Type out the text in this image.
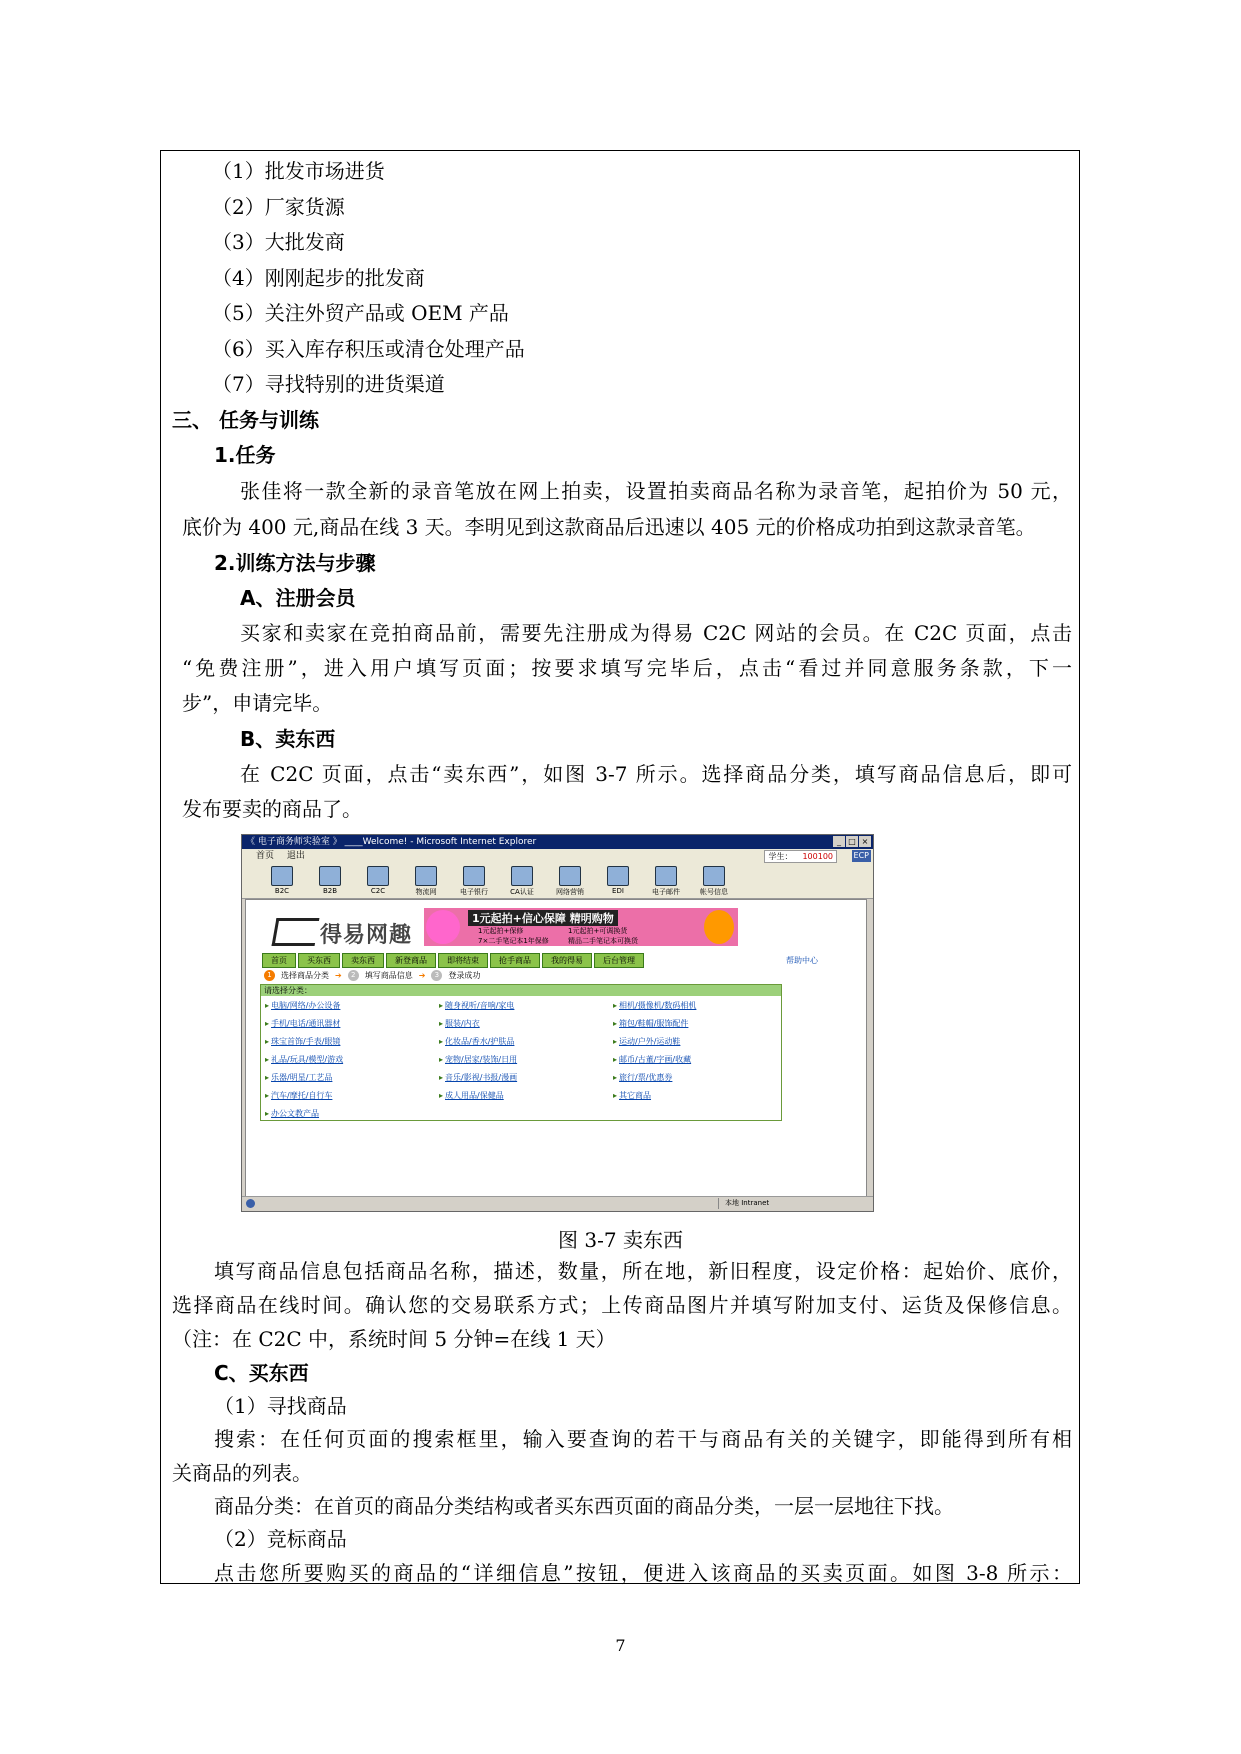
（1）批发市场进货
（2）厂家货源
（3）大批发商
（4）刚刚起步的批发商
（5）关注外贸产品或 OEM 产品
（6）买入库存积压或清仓处理产品
（7）寻找特别的进货渠道
三、 任务与训练
1.任务
张佳将一款全新的录音笔放在网上拍卖，设置拍卖商品名称为录音笔，起拍价为 50 元，
底价为 400 元,商品在线 3 天。李明见到这款商品后迅速以 405 元的价格成功拍到这款录音笔。
2.训练方法与步骤
A、注册会员
买家和卖家在竞拍商品前，需要先注册成为得易 C2C 网站的会员。在 C2C 页面，点击
“免费注册”，进入用户填写页面；按要求填写完毕后，点击“看过并同意服务条款，下一
步”，申请完毕。
B、卖东西
在 C2C 页面，点击“卖东西”，如图 3-7 所示。选择商品分类，填写商品信息后，即可
发布要卖的商品了。
《 电子商务师实验室 》 ____Welcome! - Microsoft Internet Explorer	_ □ ×
首页 退出	学生： 100100	ECP
B2C	B2B	C2C	物流网	电子银行	CA认证	网络营销	EDI	电子邮件	帐号信息
得易网趣
1元起拍+信心保障 精明购物
1元起拍+保修
7×二手笔记本1年保修
1元起拍+可调换货
精品二手笔记本可换货
首页	买东西	卖东西	新登商品	即将结束	抢手商品	我的得易	后台管理	帮助中心
1	选择商品分类 ➔	2	填写商品信息 ➔	3	登录成功
请选择分类：
▸ 电脑/网络/办公设备
▸ 手机/电话/通讯器材
▸ 珠宝首饰/手表/眼镜
▸ 礼品/玩具/模型/游戏
▸ 乐器/明星/工艺品
▸ 汽车/摩托/自行车
▸ 办公文教产品
▸ 随身视听/音响/家电
▸ 服装/内衣
▸ 化妆品/香水/护肤品
▸ 宠物/居家/装饰/日用
▸ 音乐/影视/书报/漫画
▸ 成人用品/保健品
▸ 相机/摄像机/数码相机
▸ 箱包/鞋帽/服饰配件
▸ 运动/户外/运动鞋
▸ 邮币/古董/字画/收藏
▸ 旅行/票/优惠券
▸ 其它商品
本地 Intranet
图 3-7 卖东西
填写商品信息包括商品名称，描述，数量，所在地，新旧程度，设定价格：起始价、底价，
选择商品在线时间。确认您的交易联系方式；上传商品图片并填写附加支付、运货及保修信息。
（注：在 C2C 中，系统时间 5 分钟=在线 1 天）
C、买东西
（1）寻找商品
搜索：在任何页面的搜索框里，输入要查询的若干与商品有关的关键字，即能得到所有相
关商品的列表。
商品分类：在首页的商品分类结构或者买东西页面的商品分类，一层一层地往下找。
（2）竞标商品
点击您所要购买的商品的“详细信息”按钮，便进入该商品的买卖页面。如图 3-8 所示：
7
